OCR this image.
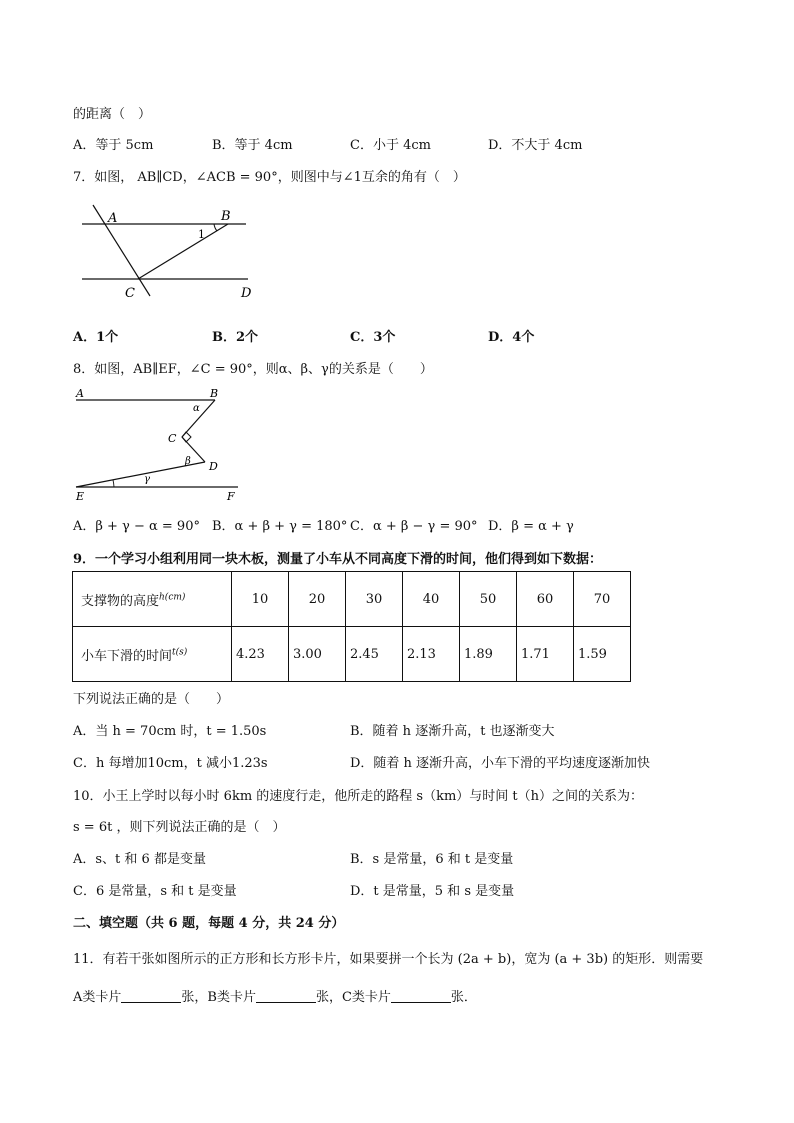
的距离（　）
A．等于 5cm	B．等于 4cm	C．小于 4cm	D．不大于 4cm
7．如图， AB∥CD，∠ACB = 90°，则图中与∠1互余的角有（　）
A	B
1
C	D
A．1个	B．2个	C．3个	D．4个
8．如图，AB∥EF，∠C = 90°，则α、β、γ的关系是（　　）
A	B
α
C
β D
γ
E	F
A．β + γ − α = 90° B．α + β + γ = 180° C．α + β − γ = 90° D．β = α + γ
9．一个学习小组利用同一块木板，测量了小车从不同高度下滑的时间，他们得到如下数据：
支撑物的高度$^{h(cm)}$	10	20	30	40	50	60	70
小车下滑的时间$^{t(s)}$	4.23	3.00	2.45	2.13	1.89	1.71	1.59
下列说法正确的是（　　）
A．当 h = 70cm 时，t = 1.50s	B．随着 h 逐渐升高，t 也逐渐变大
C．h 每增加10cm，t 减小1.23s	D．随着 h 逐渐升高，小车下滑的平均速度逐渐加快
10．小王上学时以每小时 6km 的速度行走，他所走的路程 s（km）与时间 t（h）之间的关系为：
s = 6t ，则下列说法正确的是（　）
A．s、t 和 6 都是变量	B．s 是常量，6 和 t 是变量
C．6 是常量，s 和 t 是变量	D．t 是常量，5 和 s 是变量
二、填空题（共 6 题，每题 4 分，共 24 分）
11．有若干张如图所示的正方形和长方形卡片，如果要拼一个长为 (2a + b)，宽为 (a + 3b) 的矩形．则需要
A类卡片	张，B类卡片	张，C类卡片	张．
